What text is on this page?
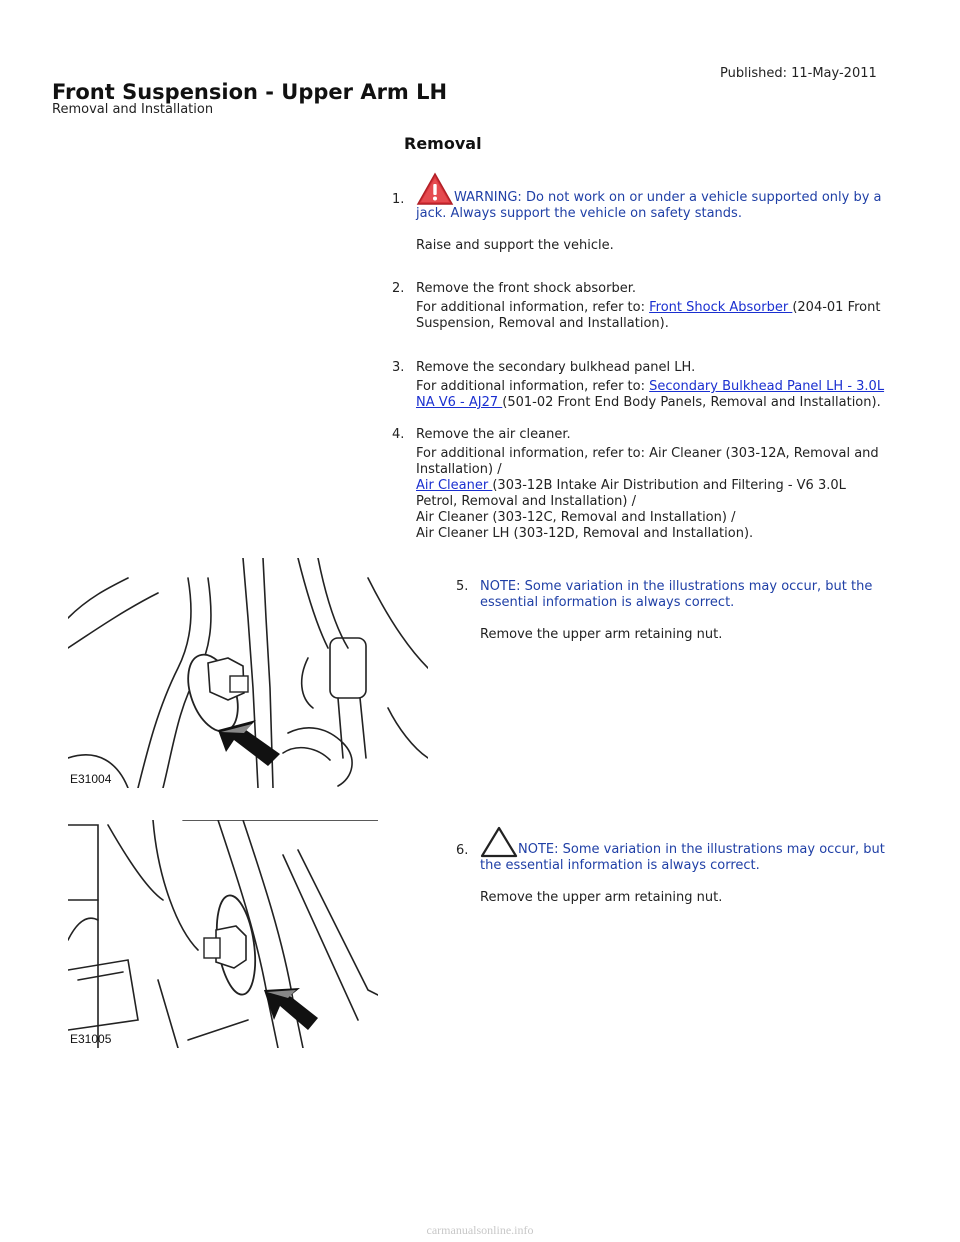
Front Suspension - Upper Arm LH
Removal and Installation
Published: 11-May-2011
Removal
1.	WARNING: Do not work on or under a vehicle supported only by a
jack. Always support the vehicle on safety stands.
Raise and support the vehicle.
2. Remove the front shock absorber.
For additional information, refer to: Front Shock Absorber (204-01 Front
Suspension, Removal and Installation).
3. Remove the secondary bulkhead panel LH.
For additional information, refer to: Secondary Bulkhead Panel LH - 3.0L
NA V6 - AJ27 (501-02 Front End Body Panels, Removal and Installation).
4. Remove the air cleaner.
For additional information, refer to: Air Cleaner (303-12A, Removal and
Installation) /
Air Cleaner (303-12B Intake Air Distribution and Filtering - V6 3.0L
Petrol, Removal and Installation) /
Air Cleaner (303-12C, Removal and Installation) /
Air Cleaner LH (303-12D, Removal and Installation).
E31004
5. NOTE: Some variation in the illustrations may occur, but the
essential information is always correct.
Remove the upper arm retaining nut.
E31005
6.	NOTE: Some variation in the illustrations may occur, but
the essential information is always correct.
Remove the upper arm retaining nut.
carmanualsonline.info
